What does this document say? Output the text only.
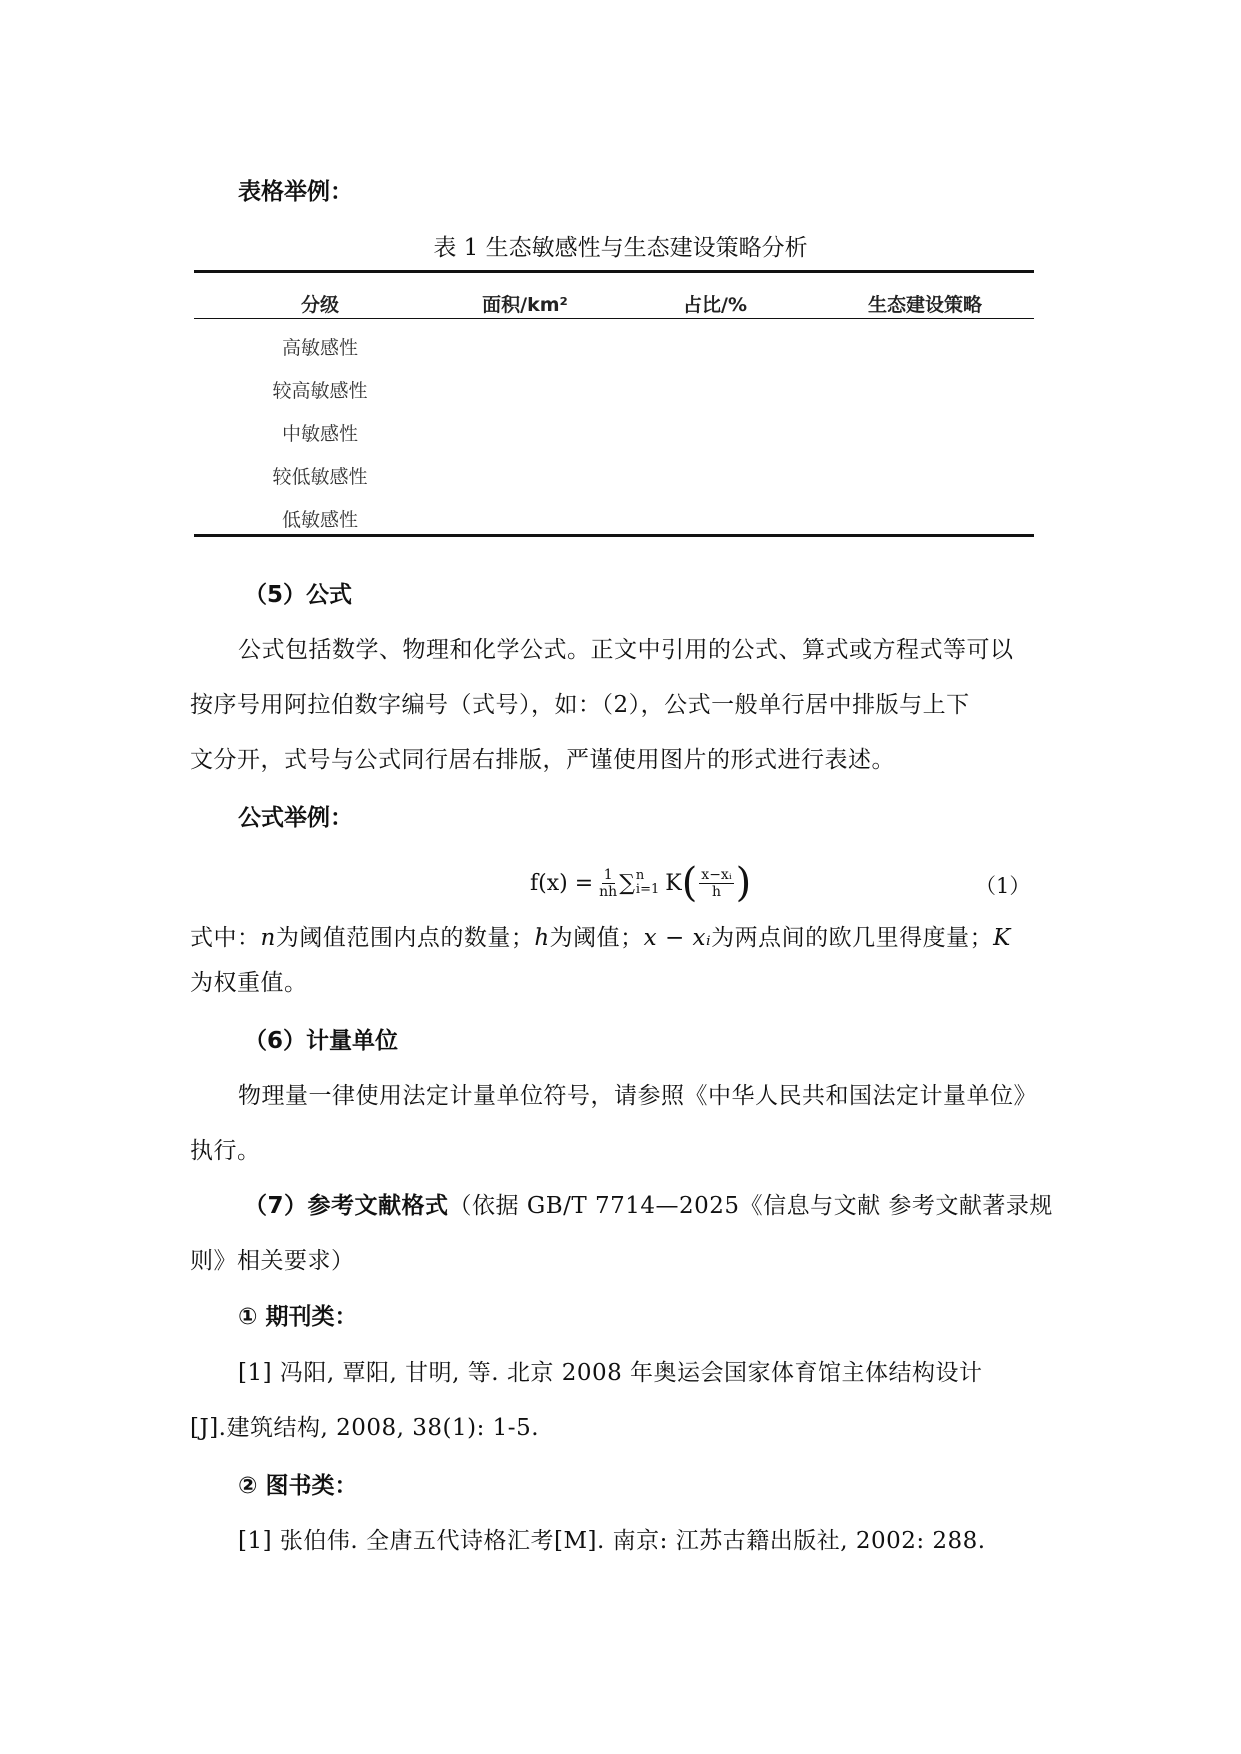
表格举例：
表 1 生态敏感性与生态建设策略分析
分级	面积/km²	占比/%	生态建设策略
高敏感性
较高敏感性
中敏感性
较低敏感性
低敏感性
（5）公式
公式包括数学、物理和化学公式。正文中引用的公式、算式或方程式等可以
按序号用阿拉伯数字编号（式号），如：（2），公式一般单行居中排版与上下
文分开，式号与公式同行居右排版，严谨使用图片的形式进行表述。
公式举例：
$f(x) = \frac{1}{nh}$ ∑ n
i=1 K ( $\frac{\text{x−xᵢ}}{h}$ )	（1）
式中：n为阈值范围内点的数量；h为阈值；x − xᵢ为两点间的欧几里得度量；K
为权重值。
（6）计量单位
物理量一律使用法定计量单位符号，请参照《中华人民共和国法定计量单位》
执行。
（7）参考文献格式（依据 GB/T 7714—2025《信息与文献 参考文献著录规
则》相关要求）
① 期刊类：
[1] 冯阳, 覃阳, 甘明, 等. 北京 2008 年奥运会国家体育馆主体结构设计
[J].建筑结构, 2008, 38(1): 1-5.
② 图书类：
[1] 张伯伟. 全唐五代诗格汇考[M]. 南京: 江苏古籍出版社, 2002: 288.
